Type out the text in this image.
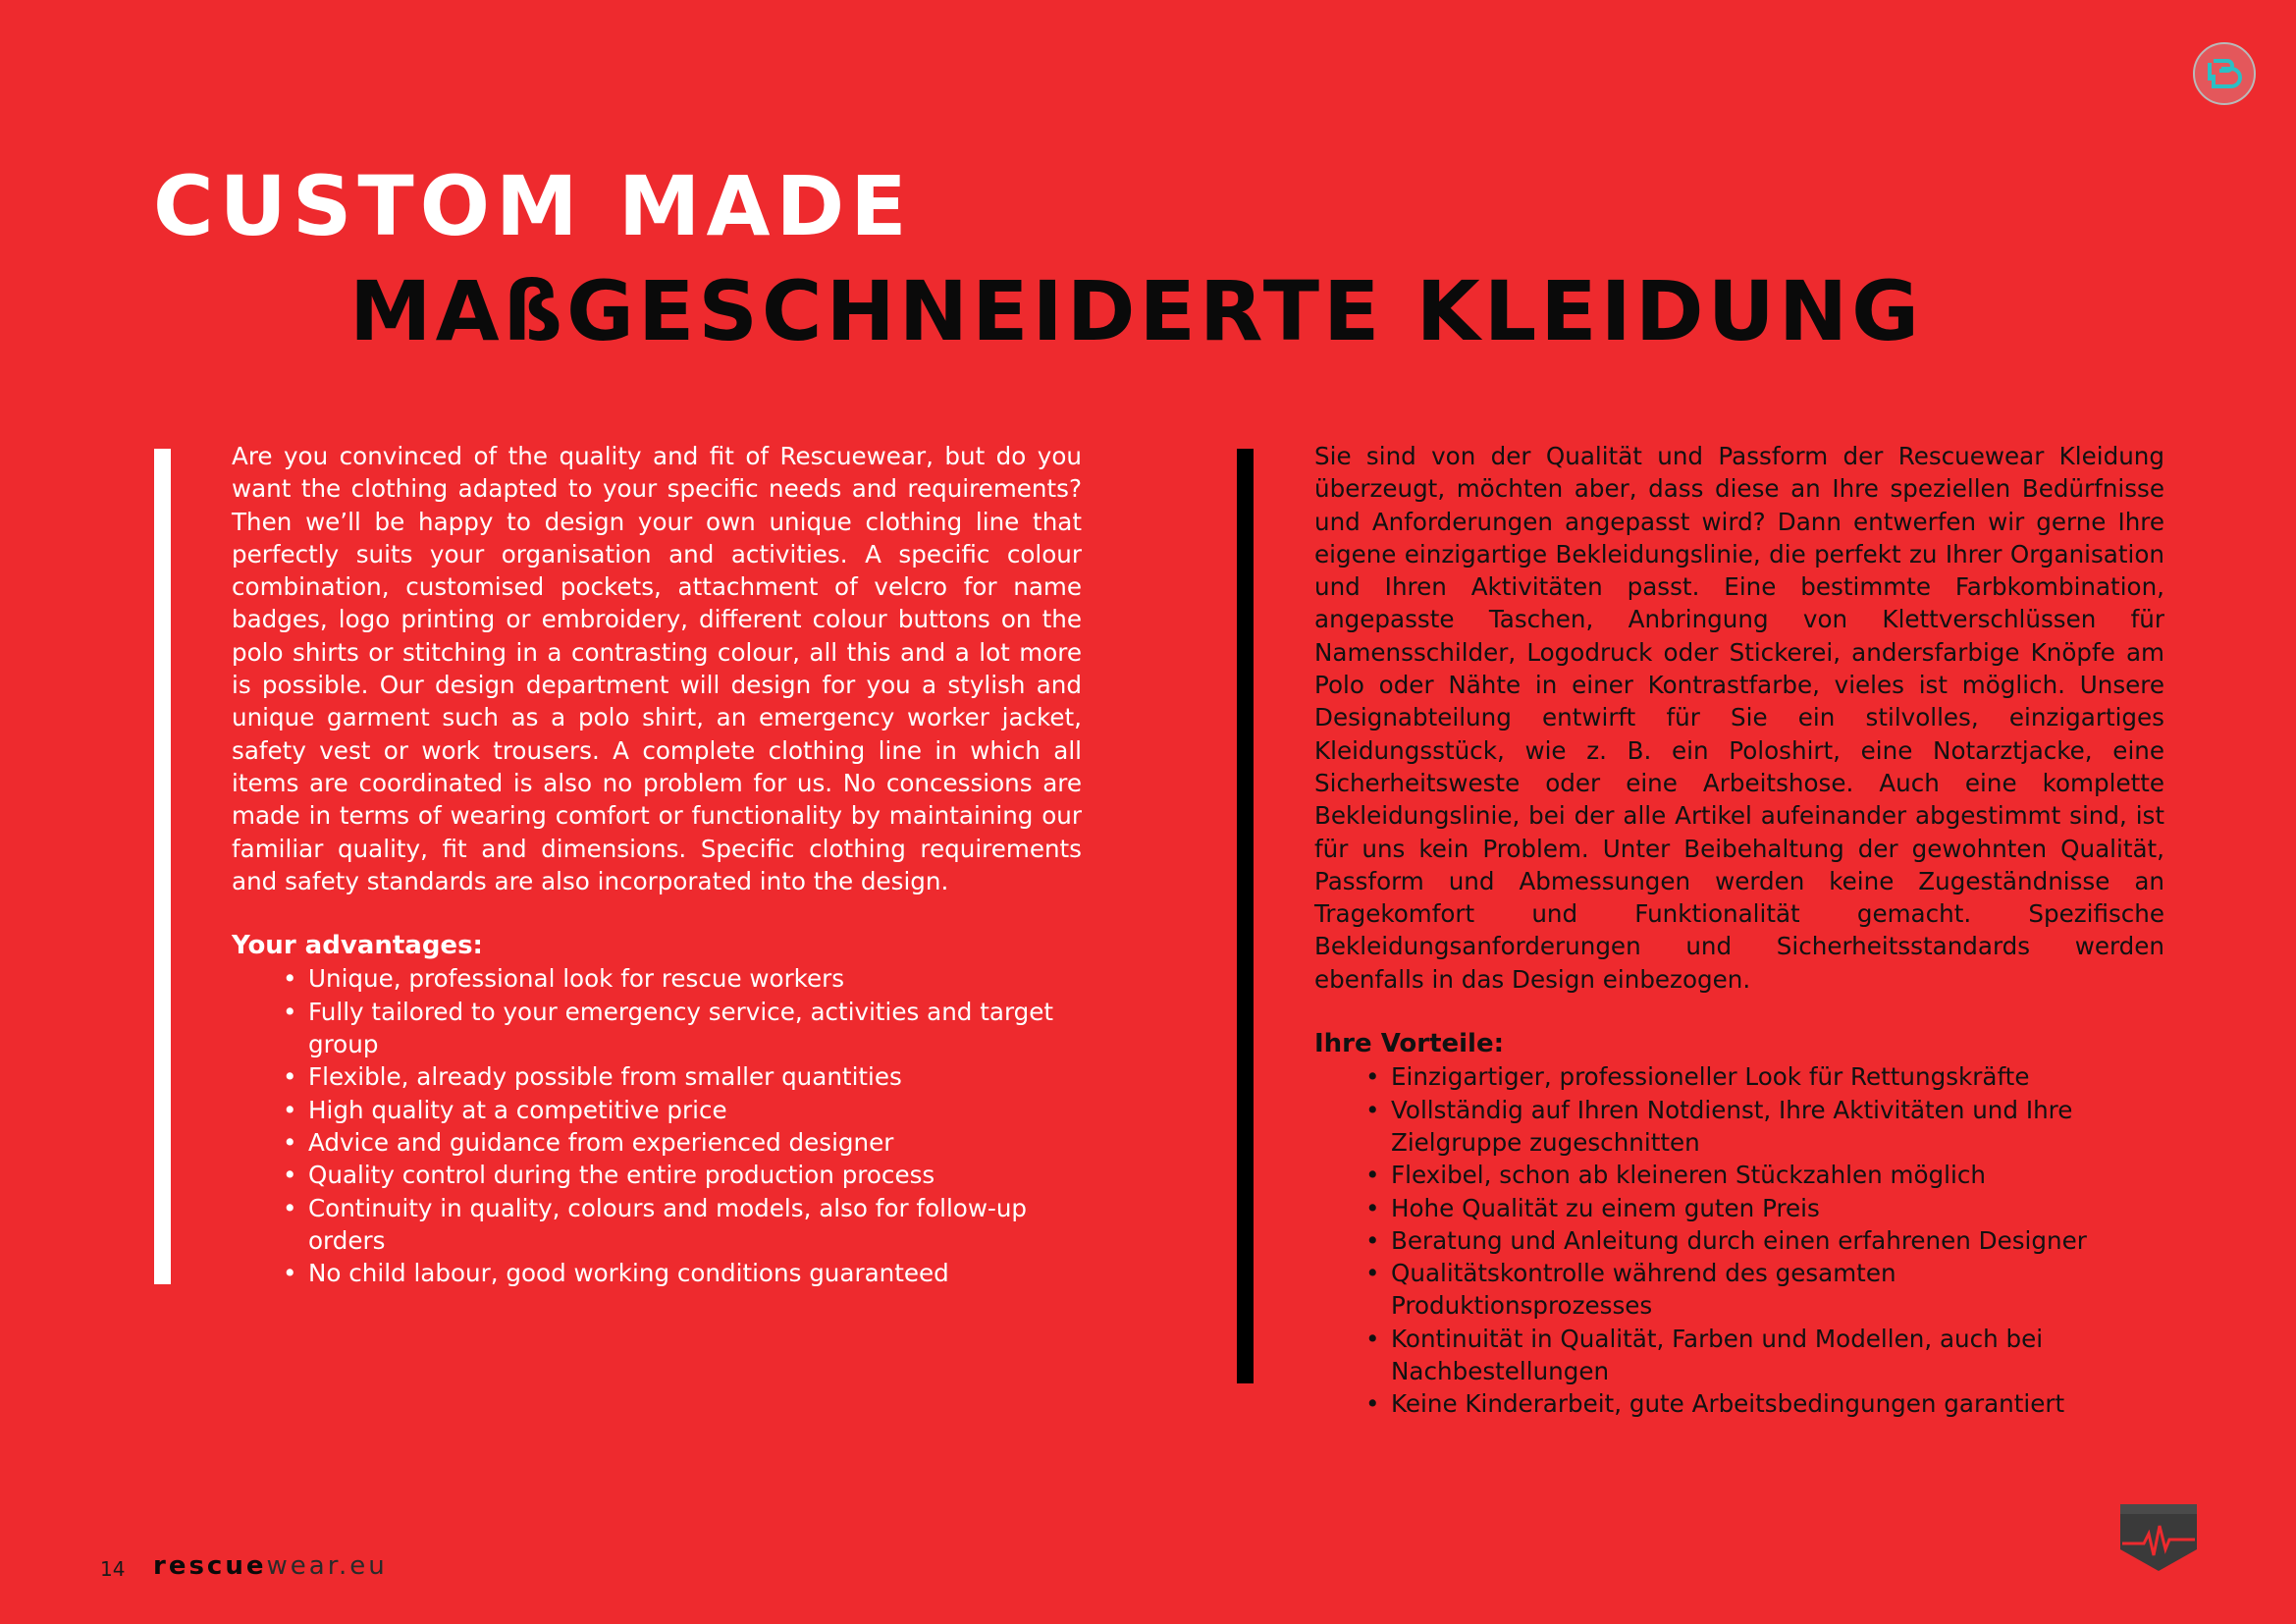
CUSTOM MADE
MAßGESCHNEIDERTE KLEIDUNG

Are you convinced of the quality and fit of Rescuewear, but do you want the clothing adapted to your specific needs and requirements? Then we’ll be happy to design your own unique clothing line that perfectly suits your organisation and activities. A specific colour combination, customised pockets, attachment of velcro for name badges, logo printing or embroidery, different colour buttons on the polo shirts or stitching in a contrasting colour, all this and a lot more is possible. Our design department will design for you a stylish and unique garment such as a polo shirt, an emergency worker jacket, safety vest or work trousers. A complete clothing line in which all items are coordinated is also no problem for us. No concessions are made in terms of wearing comfort or functionality by maintaining our familiar quality, fit and dimensions. Specific clothing requirements and safety standards are also incorporated into the design.

Your advantages:
• Unique, professional look for rescue workers
• Fully tailored to your emergency service, activities and target group
• Flexible, already possible from smaller quantities
• High quality at a competitive price
• Advice and guidance from experienced designer
• Quality control during the entire production process
• Continuity in quality, colours and models, also for follow-up orders
• No child labour, good working conditions guaranteed

Sie sind von der Qualität und Passform der Rescuewear Kleidung überzeugt, möchten aber, dass diese an Ihre speziellen Bedürfnisse und Anforderungen angepasst wird? Dann entwerfen wir gerne Ihre eigene einzigartige Bekleidungslinie, die perfekt zu Ihrer Organisation und Ihren Aktivitäten passt. Eine bestimmte Farbkombination, angepasste Taschen, Anbringung von Klettverschlüssen für Namensschilder, Logodruck oder Stickerei, andersfarbige Knöpfe am Polo oder Nähte in einer Kontrastfarbe, vieles ist möglich. Unsere Designabteilung entwirft für Sie ein stilvolles, einzigartiges Kleidungsstück, wie z. B. ein Poloshirt, eine Notarztjacke, eine Sicherheitsweste oder eine Arbeitshose. Auch eine komplette Bekleidungslinie, bei der alle Artikel aufeinander abgestimmt sind, ist für uns kein Problem. Unter Beibehaltung der gewohnten Qualität, Passform und Abmessungen werden keine Zugeständnisse an Tragekomfort und Funktionalität gemacht. Spezifische Bekleidungsanforderungen und Sicherheitsstandards werden ebenfalls in das Design einbezogen.

Ihre Vorteile:
• Einzigartiger, professioneller Look für Rettungskräfte
• Vollständig auf Ihren Notdienst, Ihre Aktivitäten und Ihre Zielgruppe zugeschnitten
• Flexibel, schon ab kleineren Stückzahlen möglich
• Hohe Qualität zu einem guten Preis
• Beratung und Anleitung durch einen erfahrenen Designer
• Qualitätskontrolle während des gesamten Produktionsprozesses
• Kontinuität in Qualität, Farben und Modellen, auch bei Nachbestellungen
• Keine Kinderarbeit, gute Arbeitsbedingungen garantiert
14 rescuewear.eu
